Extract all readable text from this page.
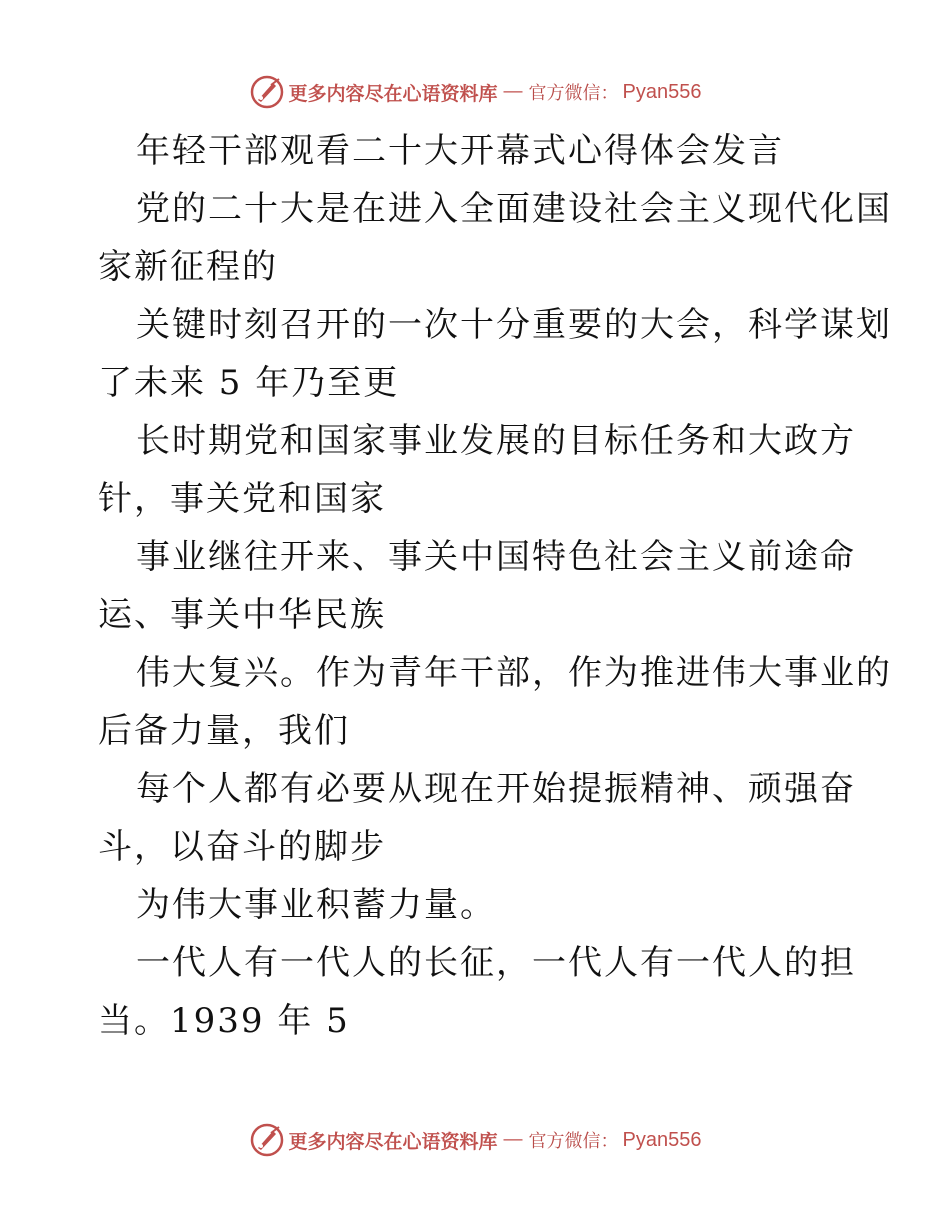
更多内容尽在心语资料库 — 官方微信： Pyan556
年轻干部观看二十大开幕式心得体会发言
党的二十大是在进入全面建设社会主义现代化国
家新征程的
关键时刻召开的一次十分重要的大会，科学谋划
了未来 5 年乃至更
长时期党和国家事业发展的目标任务和大政方
针，事关党和国家
事业继往开来、事关中国特色社会主义前途命
运、事关中华民族
伟大复兴。作为青年干部，作为推进伟大事业的
后备力量，我们
每个人都有必要从现在开始提振精神、顽强奋
斗，以奋斗的脚步
为伟大事业积蓄力量。
一代人有一代人的长征，一代人有一代人的担
当。1939 年 5
更多内容尽在心语资料库 — 官方微信： Pyan556
